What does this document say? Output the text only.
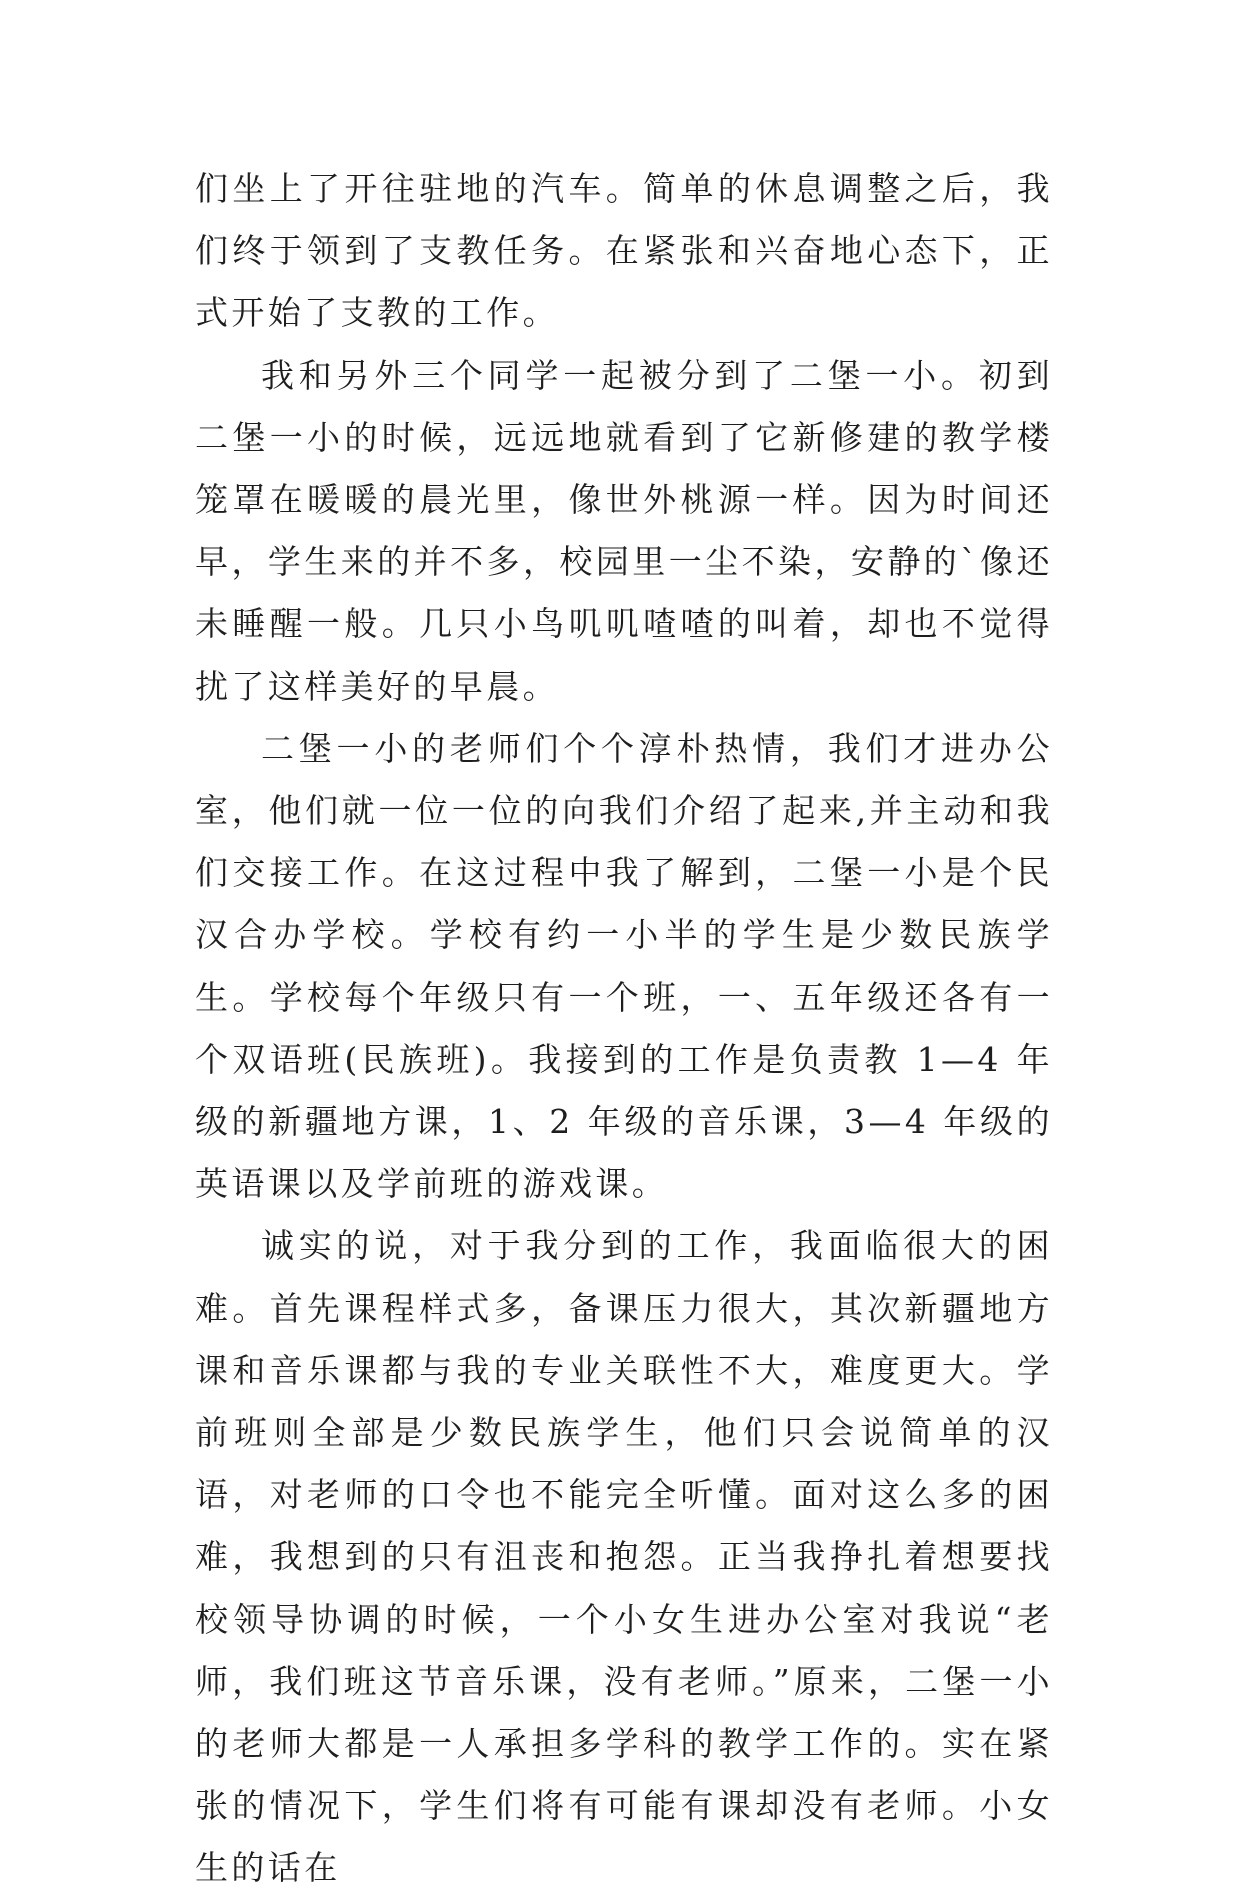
们坐上了开往驻地的汽车。简单的休息调整之后，我们终于领到了支教任务。在紧张和兴奋地心态下，正式开始了支教的工作。

我和另外三个同学一起被分到了二堡一小。初到二堡一小的时候，远远地就看到了它新修建的教学楼笼罩在暖暖的晨光里，像世外桃源一样。因为时间还早，学生来的并不多，校园里一尘不染，安静的`像还未睡醒一般。几只小鸟叽叽喳喳的叫着，却也不觉得扰了这样美好的早晨。

二堡一小的老师们个个淳朴热情，我们才进办公室，他们就一位一位的向我们介绍了起来,并主动和我们交接工作。在这过程中我了解到，二堡一小是个民汉合办学校。学校有约一小半的学生是少数民族学生。学校每个年级只有一个班，一、五年级还各有一个双语班(民族班)。我接到的工作是负责教 1—4 年级的新疆地方课，1、2 年级的音乐课，3—4 年级的英语课以及学前班的游戏课。

诚实的说，对于我分到的工作，我面临很大的困难。首先课程样式多，备课压力很大，其次新疆地方课和音乐课都与我的专业关联性不大，难度更大。学前班则全部是少数民族学生，他们只会说简单的汉语，对老师的口令也不能完全听懂。面对这么多的困难，我想到的只有沮丧和抱怨。正当我挣扎着想要找校领导协调的时候，一个小女生进办公室对我说“老师，我们班这节音乐课，没有老师。”原来，二堡一小的老师大都是一人承担多学科的教学工作的。实在紧张的情况下，学生们将有可能有课却没有老师。小女生的话在
